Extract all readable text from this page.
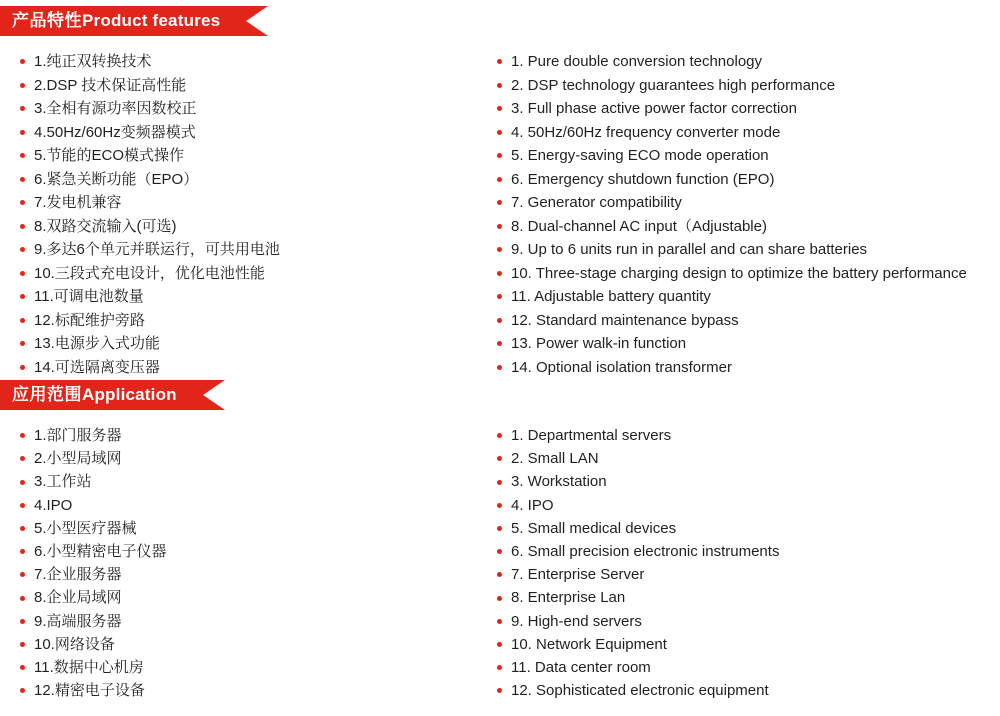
产品特性 Product features
1.纯正双转换技术
2.DSP 技术保证高性能
3.全相有源功率因数校正
4.50Hz/60Hz变频器模式
5.节能的ECO模式操作
6.紧急关断功能（EPO）
7.发电机兼容
8.双路交流输入(可选)
9.多达6个单元并联运行，可共用电池
10.三段式充电设计，优化电池性能
11.可调电池数量
12.标配维护旁路
13.电源步入式功能
14.可选隔离变压器
1. Pure double conversion technology
2. DSP technology guarantees high performance
3. Full phase active power factor correction
4. 50Hz/60Hz frequency converter mode
5. Energy-saving ECO mode operation
6. Emergency shutdown function (EPO)
7. Generator compatibility
8. Dual-channel AC input（Adjustable)
9. Up to 6 units run in parallel and can share batteries
10. Three-stage charging design to optimize the battery performance
11. Adjustable battery quantity
12. Standard maintenance bypass
13. Power walk-in function
14. Optional isolation transformer
应用范围 Application
1.部门服务器
2.小型局域网
3.工作站
4.IPO
5.小型医疗器械
6.小型精密电子仪器
7.企业服务器
8.企业局域网
9.高端服务器
10.网络设备
11.数据中心机房
12.精密电子设备
1. Departmental servers
2. Small LAN
3. Workstation
4. IPO
5. Small medical devices
6. Small precision electronic instruments
7. Enterprise Server
8. Enterprise Lan
9. High-end servers
10. Network Equipment
11. Data center room
12. Sophisticated electronic equipment
